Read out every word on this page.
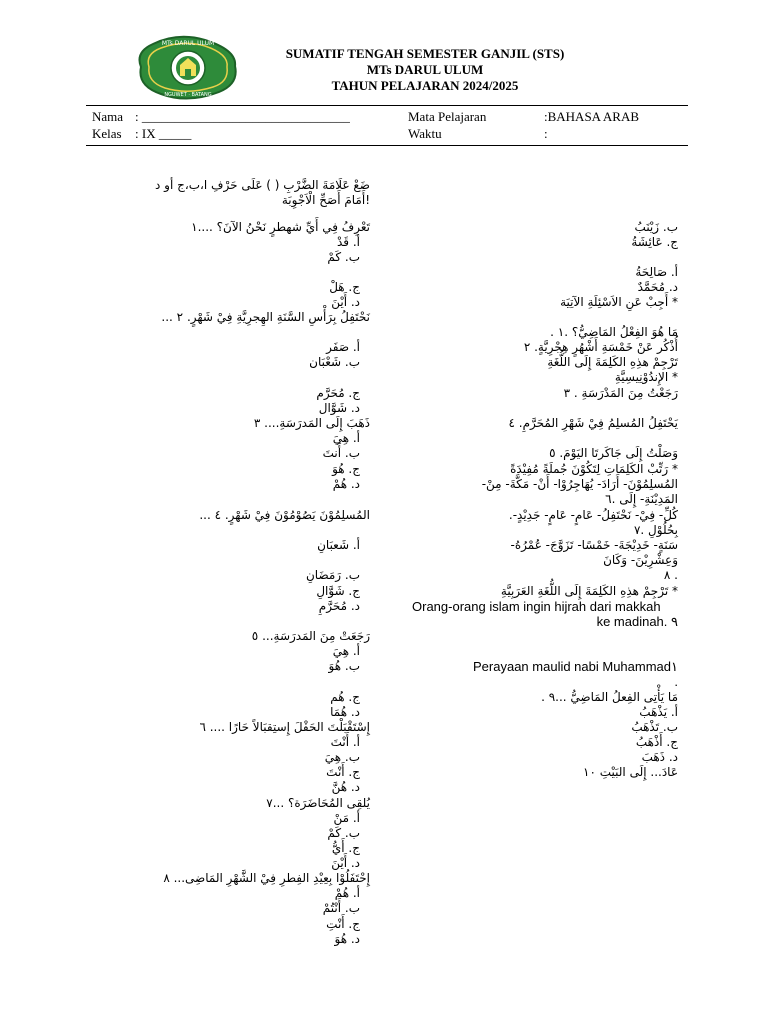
MTs DARUL ULUM
NGUWET · BATANG
SUMATIF TENGAH SEMESTER GANJIL (STS)
MTs DARUL ULUM
TAHUN PELAJARAN 2024/2025
Nama : ________________________________
Kelas : IX _____
Mata Pelajaran	:BAHASA ARAB
Waktu	:
ضَعْ عَلَامَةَ الضَّرْبِ ( ) عَلَى حَرْفِ ا،ب،ج أو د
!أَمَامَ أَصَحِّ الْاَجْوِبَة
تَعْرِفُ فِي أَيِّ شهطرٍ نَحْنُ الآنَ؟ ....١
أ. قَدْ
ب. كَمْ
ج. هَلْ
د. أَيْنَ
نَحْتَفِلُ بِرَأْسِ السَّنَةِ الهِجرِيَّةِ فِيْ شَهْرٍ. ٢ ...
أ. صَفَر
ب. شَعْبَان
ج. مُحَرَّم
د. شَوَّال
ذَهَبَ إِلَى المَدرَسَةِ.... ٣
أ. هِيَ
ب. أَنتَ
ج. هُوَ
د. هُمْ
المُسلِمُوْنَ يَصُوْمُوْنَ فِيْ شَهْرٍ. ٤ ...
أ. شَعبَانِ
ب. رَمَضَانِ
ج. شَوَّالِ
د. مُحَرَّمِ
رَجَعَتْ مِنَ المَدرَسَةِ... ٥
أ. هِيَ
ب. هُوَ
ج. هُم
د. هُمَا
إِسْتَقْبَلْتَ الحَفْلَ إِستِقبَالاً حَارًا .... ٦
أ. أَنْتَ
ب. هِيَ
ج. أَنْتَ
د. هُنَّ
يُلقِى المُحَاضَرَة؟ ...٧
أ. مَنْ
ب. كَمْ
ج. أَيُّ
د. أَيْنَ
إِحْتَفَلُوْا بِعِيْدِ الفِطرِ فِيْ الشَّهْرِ المَاضِى... ٨
أ. هُمْ
ب. أَنْتُمْ
ج. أَنْتِ
د. هُوَ
ب. زَيْنَبُ
ج. عَائِشَةُ
أ. صَالِحَةُ
د. مُحَمَّدٌ
* أَجِبْ عَنِ الاَسْئِلَةِ الآتِيَة
مَا هُوَ الفِعْلُ المَاضِيُّ؟ .١ .
أُذْكُر عَنْ خَمْسَةِ أَشْهُرٍ هِجْرِيَّةٍ. ٢
تَرْجِمْ هذِهِ الكَلِمَةَ إِلَى اللُّغَةِ
* الإِندُوْنِيسِيَّةِ
رَجَعْتُ مِنَ المَدْرَسَةِ . ٣
يَحْتَفِلُ المُسلِمُ فِيْ شَهْرِ المُحَرَّمِ. ٤
وَصَلْتُ إِلَى جَاكَرتَا اليَوْمَ. ٥
* رَتِّبْ الكَلِمَاتِ لِتَكُوْنَ جُملَةً مُفِيْدَةً
المُسلِمُوْنَ- أَرَادَ- يُهَاجِرُوْا- أَنْ- مَكَّةَ- مِنْ-
المَدِيْنَةِ- إِلَى .٦
كُلِّ- فِيْ- نَحْتَفِلُ- عَامٍ- عَامٍ- جَدِيْدٍ-.
بِحُلُوْلِ .٧
سَنَةٍ- خَدِيْجَةَ- خَمْسًا- تَزَوَّجَ- عُمْرُهُ-
وَعِشْرِيْنَ- وَكَانَ
. ٨
* تَرْجِمْ هذِهِ الكَلِمَةَ إِلَى اللُّغَةِ العَرَبِيَّةِ
Orang-orang islam ingin hijrah dari makkah
ke madinah. ٩
Perayaan maulid nabi Muhammad١
.
مَا يَأْتِى الفِعلُ المَاضِيُّ ...٩ .
أ. يَذْهَبُ
ب. تَذْهَبُ
ج. أَذْهَبُ
د. ذَهَبَ
عَادَ... إِلَى البَيْتِ ١٠
